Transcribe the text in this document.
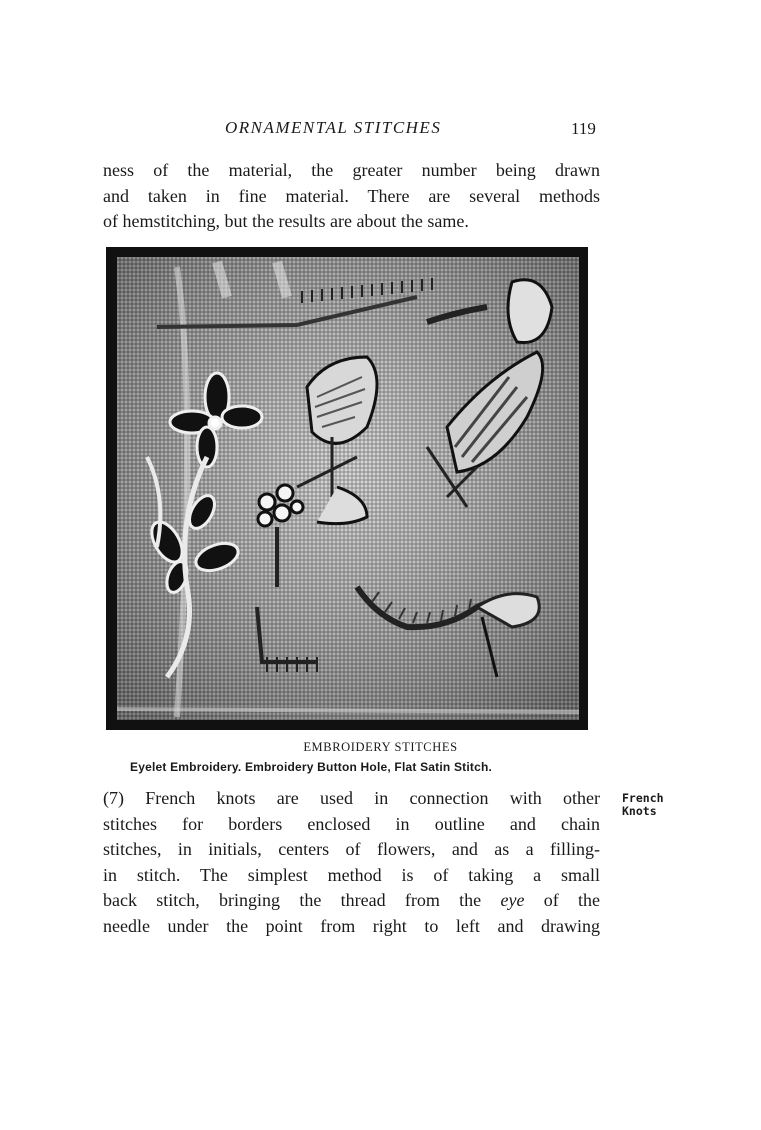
ORNAMENTAL STITCHES	119
ness of the material, the greater number being drawn
and taken in fine material. There are several methods
of hemstitching, but the results are about the same.
EMBROIDERY STITCHES
Eyelet Embroidery. Embroidery Button Hole, Flat Satin Stitch.
French
Knots
(7) French knots are used in connection with other
stitches for borders enclosed in outline and chain
stitches, in initials, centers of flowers, and as a filling-
in stitch. The simplest method is of taking a small
back stitch, bringing the thread from the eye of the
needle under the point from right to left and drawing
